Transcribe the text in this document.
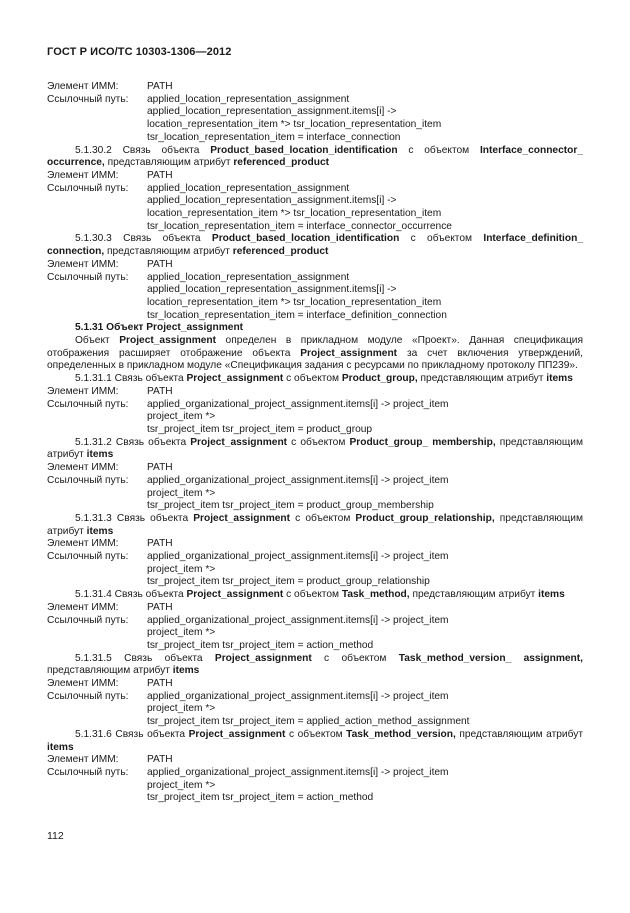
ГОСТ Р ИСО/ТС 10303-1306—2012
Элемент ИММ:	PATH
Ссылочный путь:	applied_location_representation_assignment
applied_location_representation_assignment.items[i] ->
location_representation_item *> tsr_location_representation_item
tsr_location_representation_item = interface_connection
5.1.30.2 Связь объекта Product_based_location_identification с объектом Interface_connector_ occurrence, представляющим атрибут referenced_product
Элемент ИММ:	PATH
Ссылочный путь:	applied_location_representation_assignment
applied_location_representation_assignment.items[i] ->
location_representation_item *> tsr_location_representation_item
tsr_location_representation_item = interface_connector_occurrence
5.1.30.3 Связь объекта Product_based_location_identification с объектом Interface_definition_ connection, представляющим атрибут referenced_product
Элемент ИММ:	PATH
Ссылочный путь:	applied_location_representation_assignment
applied_location_representation_assignment.items[i] ->
location_representation_item *> tsr_location_representation_item
tsr_location_representation_item = interface_definition_connection
5.1.31 Объект Project_assignment
Объект Project_assignment определен в прикладном модуле «Проект». Данная спецификация отображения расширяет отображение объекта Project_assignment за счет включения утверждений, определенных в прикладном модуле «Спецификация задания с ресурсами по прикладному протоколу ПП239».
5.1.31.1 Связь объекта Project_assignment с объектом Product_group, представляющим атрибут items
Элемент ИММ:	PATH
Ссылочный путь:	applied_organizational_project_assignment.items[i] -> project_item
project_item *>
tsr_project_item tsr_project_item = product_group
5.1.31.2 Связь объекта Project_assignment с объектом Product_group_ membership, представляющим атрибут items
Элемент ИММ:	PATH
Ссылочный путь:	applied_organizational_project_assignment.items[i] -> project_item
project_item *>
tsr_project_item tsr_project_item = product_group_membership
5.1.31.3 Связь объекта Project_assignment с объектом Product_group_relationship, представляющим атрибут items
Элемент ИММ:	PATH
Ссылочный путь:	applied_organizational_project_assignment.items[i] -> project_item
project_item *>
tsr_project_item tsr_project_item = product_group_relationship
5.1.31.4 Связь объекта Project_assignment с объектом Task_method, представляющим атрибут items
Элемент ИММ:	PATH
Ссылочный путь:	applied_organizational_project_assignment.items[i] -> project_item
project_item *>
tsr_project_item tsr_project_item = action_method
5.1.31.5 Связь объекта Project_assignment с объектом Task_method_version_ assignment, представляющим атрибут items
Элемент ИММ:	PATH
Ссылочный путь:	applied_organizational_project_assignment.items[i] -> project_item
project_item *>
tsr_project_item tsr_project_item = applied_action_method_assignment
5.1.31.6 Связь объекта Project_assignment с объектом Task_method_version, представляющим атрибут items
Элемент ИММ:	PATH
Ссылочный путь:	applied_organizational_project_assignment.items[i] -> project_item
project_item *>
tsr_project_item tsr_project_item = action_method
112
